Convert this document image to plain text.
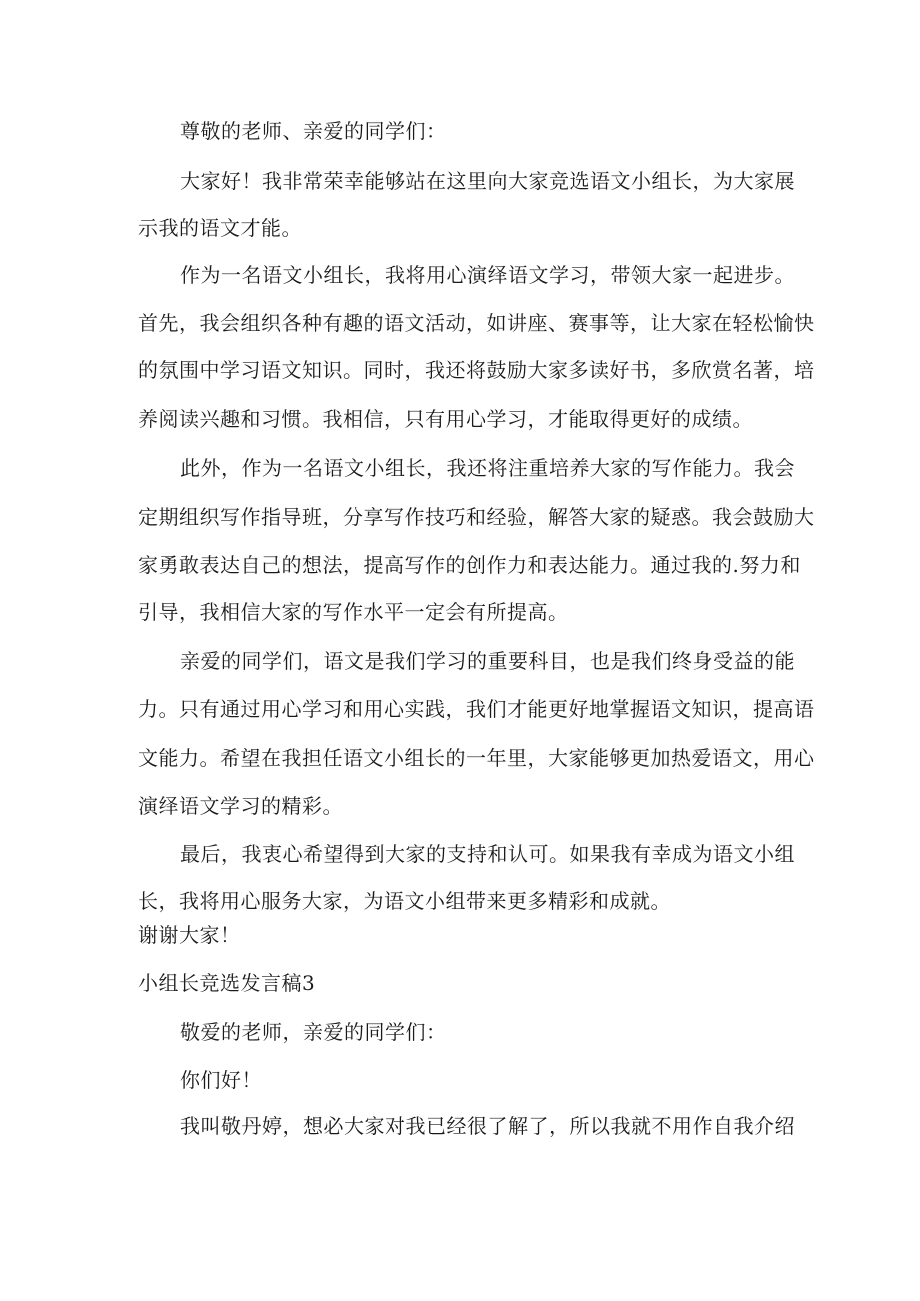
尊敬的老师、亲爱的同学们：
大家好！我非常荣幸能够站在这里向大家竞选语文小组长，为大家展
示我的语文才能。
作为一名语文小组长，我将用心演绎语文学习，带领大家一起进步。
首先，我会组织各种有趣的语文活动，如讲座、赛事等，让大家在轻松愉快
的氛围中学习语文知识。同时，我还将鼓励大家多读好书，多欣赏名著，培
养阅读兴趣和习惯。我相信，只有用心学习，才能取得更好的成绩。
此外，作为一名语文小组长，我还将注重培养大家的写作能力。我会
定期组织写作指导班，分享写作技巧和经验，解答大家的疑惑。我会鼓励大
家勇敢表达自己的想法，提高写作的创作力和表达能力。通过我的.努力和
引导，我相信大家的写作水平一定会有所提高。
亲爱的同学们，语文是我们学习的重要科目，也是我们终身受益的能
力。只有通过用心学习和用心实践，我们才能更好地掌握语文知识，提高语
文能力。希望在我担任语文小组长的一年里，大家能够更加热爱语文，用心
演绎语文学习的精彩。
最后，我衷心希望得到大家的支持和认可。如果我有幸成为语文小组
长，我将用心服务大家，为语文小组带来更多精彩和成就。
谢谢大家！
小组长竞选发言稿3
敬爱的老师，亲爱的同学们：
你们好！
我叫敬丹婷，想必大家对我已经很了解了，所以我就不用作自我介绍
